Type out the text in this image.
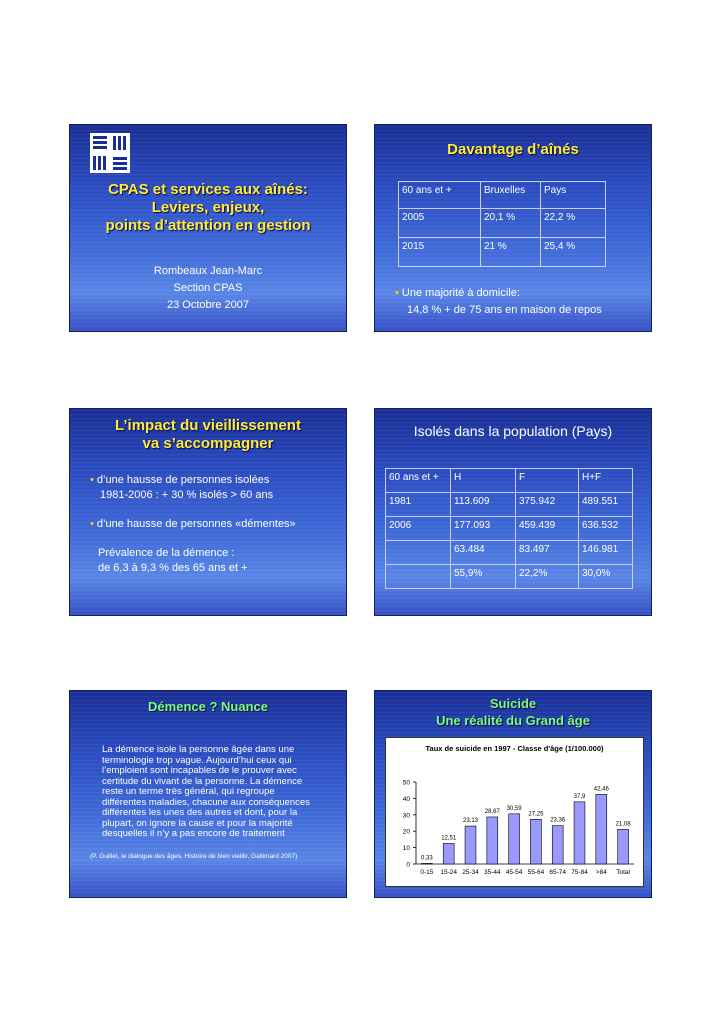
CPAS et services aux aînés:
Leviers, enjeux,
points d’attention en gestion
Rombeaux Jean-Marc
Section CPAS
23 Octobre 2007
Davantage d’aînés
60 ans et +	Bruxelles	Pays
2005	20,1 %	22,2 %
2015	21 %	25,4 %
• Une majorité à domicile:
14,8 % + de 75 ans en maison de repos
L’impact du vieillissement
va s’accompagner
• d’une hausse de personnes isolées
1981-2006 : + 30 % isolés > 60 ans
• d’une hausse de personnes «démentes»
Prévalence de la démence :
de 6,3 à 9,3 % des 65 ans et +
Isolés dans la population (Pays)
60 ans et +	H	F	H+F
1981	113.609	375.942	489.551
2006	177.093	459.439	636.532
	63.484	83.497	146.981
	55,9%	22,2%	30,0%
Démence ? Nuance
La démence isole la personne âgée dans une
terminologie trop vague. Aujourd’hui ceux qui
l’emploient sont incapables de le prouver avec
certitude du vivant de la personne. La démence
reste un terme très général, qui regroupe
différentes maladies, chacune aux conséquences
différentes les unes des autres et dont, pour la
plupart, on ignore la cause et pour la majorité
desquelles il n’y a pas encore de traitement
(P. Guillet, le dialogue des âges, Histoire de bien vieillir, Gallimard 2007)
Suicide
Une réalité du Grand âge
Taux de suicide en 1997 - Classe d'âge (1/100.000)
0
10
20
30
40
50
0,33
0-15
12,51
15-24
23,13
25-34
28,67
35-44
30,59
45-54
27,25
55-64
23,36
65-74
37,9
75-84
42,46
>84
21,08
Total
